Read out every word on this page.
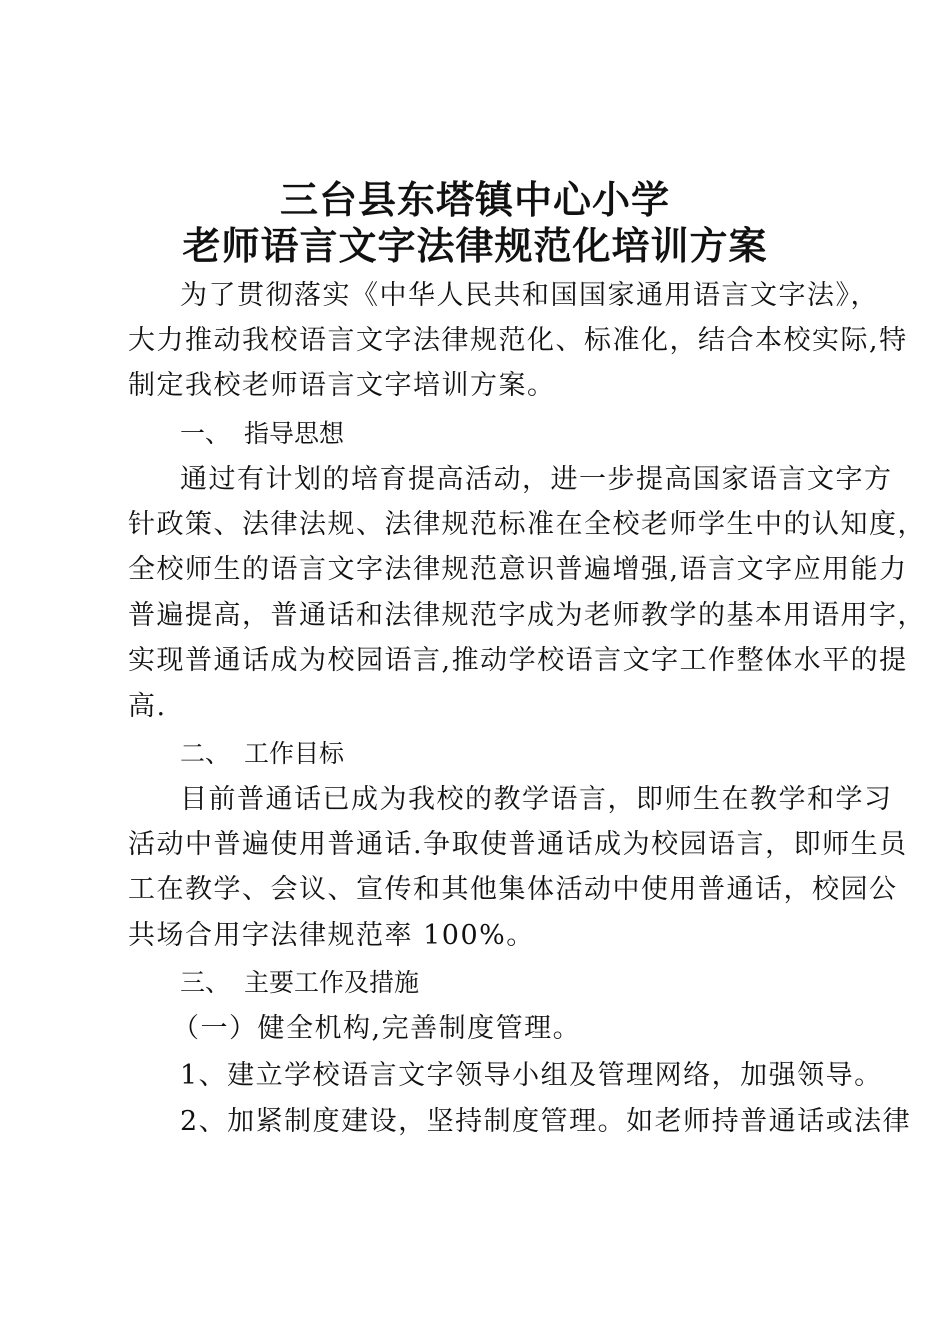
三台县东塔镇中心小学
老师语言文字法律规范化培训方案
为了贯彻落实《中华人民共和国国家通用语言文字法》，
大力推动我校语言文字法律规范化、标准化，结合本校实际,特
制定我校老师语言文字培训方案。
一、 指导思想
通过有计划的培育提高活动，进一步提高国家语言文字方
针政策、法律法规、法律规范标准在全校老师学生中的认知度，
全校师生的语言文字法律规范意识普遍增强,语言文字应用能力
普遍提高，普通话和法律规范字成为老师教学的基本用语用字，
实现普通话成为校园语言,推动学校语言文字工作整体水平的提
高.
二、 工作目标
目前普通话已成为我校的教学语言，即师生在教学和学习
活动中普遍使用普通话.争取使普通话成为校园语言，即师生员
工在教学、会议、宣传和其他集体活动中使用普通话，校园公
共场合用字法律规范率 100%。
三、 主要工作及措施
（一）健全机构,完善制度管理。
1、建立学校语言文字领导小组及管理网络，加强领导。
2、加紧制度建设，坚持制度管理。如老师持普通话或法律
